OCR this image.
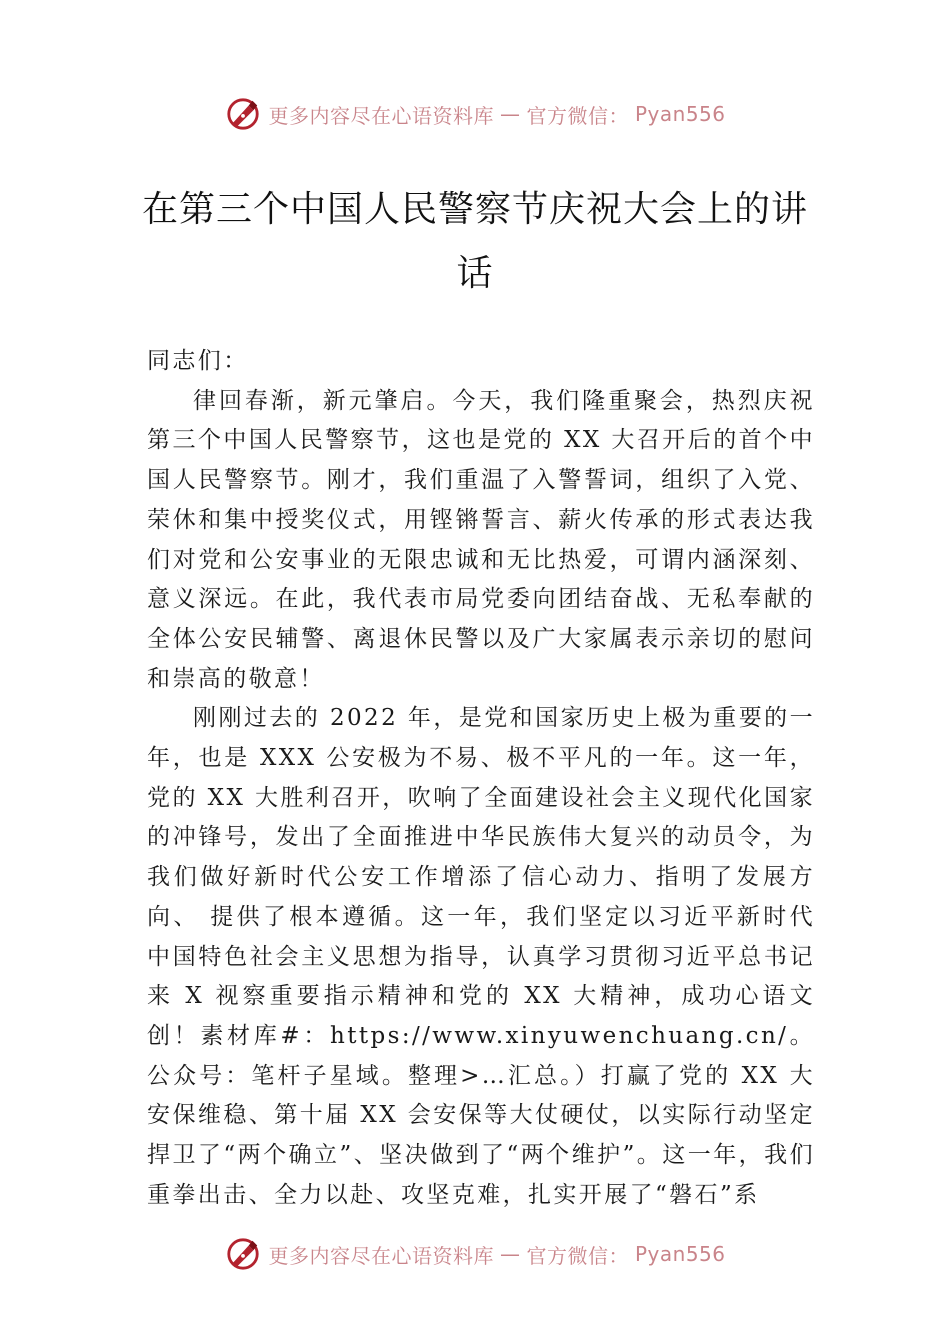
更多内容尽在心语资料库 — 官方微信： Pyan556
在第三个中国人民警察节庆祝大会上的讲话

同志们：

律回春渐，新元肇启。今天，我们隆重聚会，热烈庆祝第三个中国人民警察节，这也是党的 XX 大召开后的首个中国人民警察节。刚才，我们重温了入警誓词，组织了入党、 荣休和集中授奖仪式，用铿锵誓言、薪火传承的形式表达我们对党和公安事业的无限忠诚和无比热爱，可谓内涵深刻、 意义深远。在此，我代表市局党委向团结奋战、无私奉献的全体公安民辅警、离退休民警以及广大家属表示亲切的慰问和崇高的敬意！

刚刚过去的 2022 年，是党和国家历史上极为重要的一年，也是 XXX 公安极为不易、极不平凡的一年。这一年，党的 XX 大胜利召开，吹响了全面建设社会主义现代化国家的冲锋号，发出了全面推进中华民族伟大复兴的动员令，为我们做好新时代公安工作增添了信心动力、指明了发展方向、 提供了根本遵循。这一年，我们坚定以习近平新时代中国特色社会主义思想为指导，认真学习贯彻习近平总书记来 X 视察重要指示精神和党的 XX 大精神，成功心语文创！素材库#：https://www.xinyuwenchuang.cn/。公众号：笔杆子星域。整理>…汇总。）打赢了党的 XX 大安保维稳、第十届 XX 会安保等大仗硬仗，以实际行动坚定捍卫了“两个确立”、坚决做到了“两个维护”。这一年，我们重拳出击、全力以赴、攻坚克难，扎实开展了“磐石”系

更多内容尽在心语资料库 — 官方微信： Pyan556
